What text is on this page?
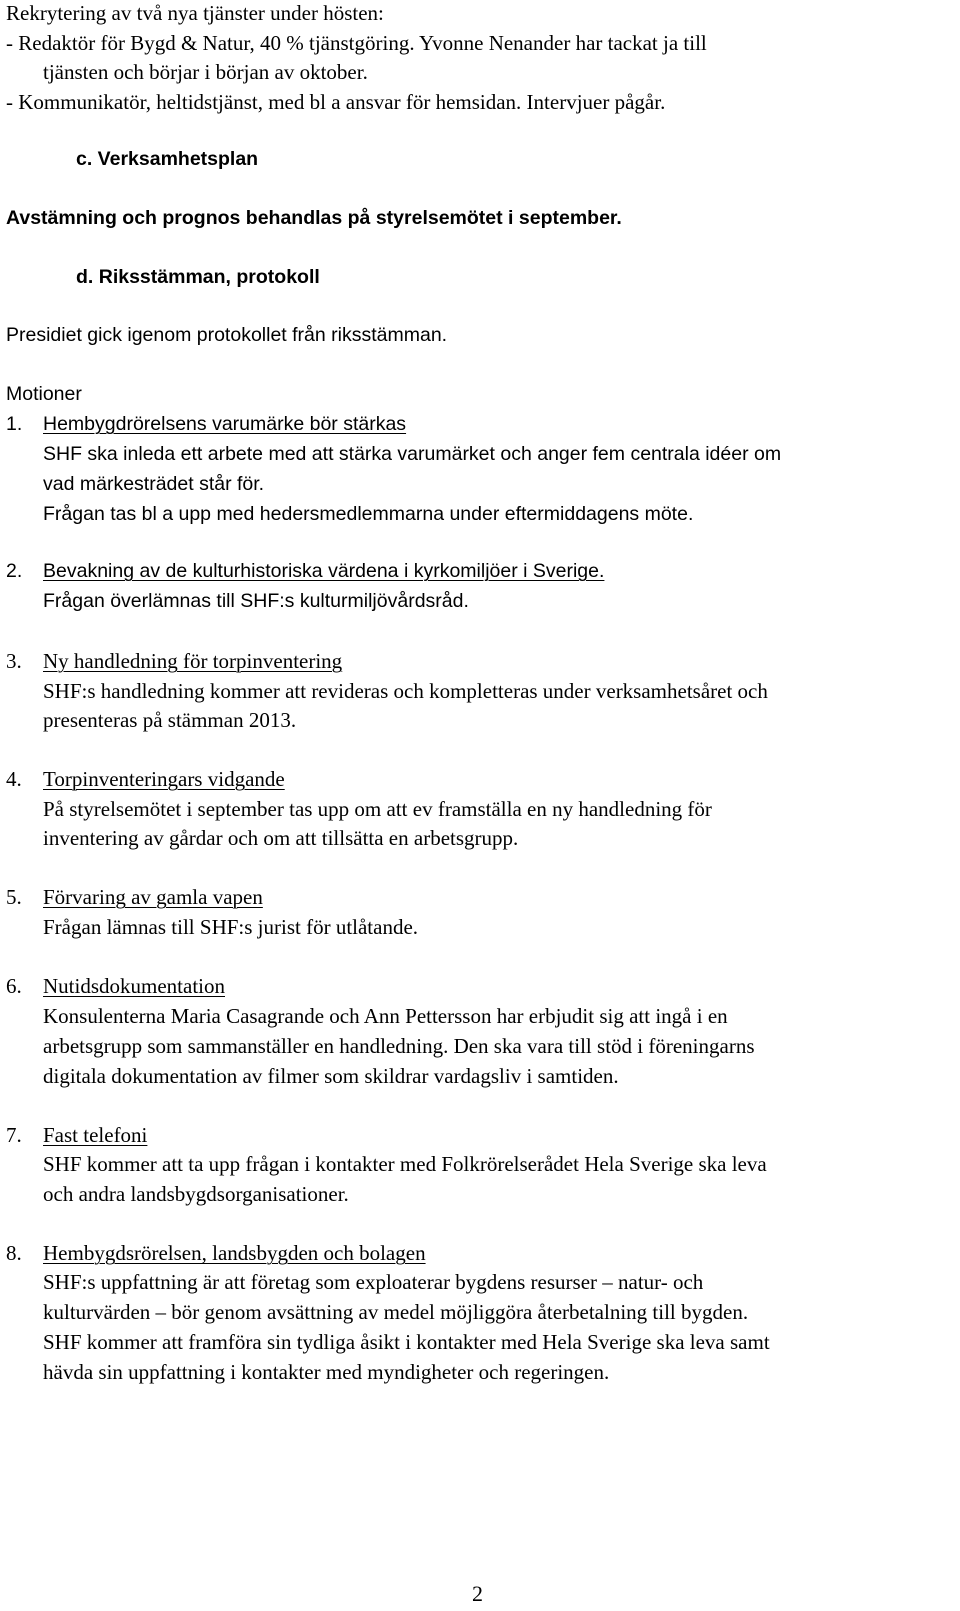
Rekrytering av två nya tjänster under hösten:
- Redaktör för Bygd & Natur, 40 % tjänstgöring. Yvonne Nenander har tackat ja till
tjänsten och börjar i början av oktober.
- Kommunikatör, heltidstjänst, med bl a ansvar för hemsidan. Intervjuer pågår.
c. Verksamhetsplan
Avstämning och prognos behandlas på styrelsemötet i september.
d. Riksstämman, protokoll
Presidiet gick igenom protokollet från riksstämman.
Motioner
1. Hembygdrörelsens varumärke bör stärkas
SHF ska inleda ett arbete med att stärka varumärket och anger fem centrala idéer om
vad märkesträdet står för.
Frågan tas bl a upp med hedersmedlemmarna under eftermiddagens möte.
2. Bevakning av de kulturhistoriska värdena i kyrkomiljöer i Sverige.
Frågan överlämnas till SHF:s kulturmiljövårdsråd.
3. Ny handledning för torpinventering
SHF:s handledning kommer att revideras och kompletteras under verksamhetsåret och
presenteras på stämman 2013.
4. Torpinventeringars vidgande
På styrelsemötet i september tas upp om att ev framställa en ny handledning för
inventering av gårdar och om att tillsätta en arbetsgrupp.
5. Förvaring av gamla vapen
Frågan lämnas till SHF:s jurist för utlåtande.
6. Nutidsdokumentation
Konsulenterna Maria Casagrande och Ann Pettersson har erbjudit sig att ingå i en
arbetsgrupp som sammanställer en handledning. Den ska vara till stöd i föreningarns
digitala dokumentation av filmer som skildrar vardagsliv i samtiden.
7. Fast telefoni
SHF kommer att ta upp frågan i kontakter med Folkrörelserådet Hela Sverige ska leva
och andra landsbygdsorganisationer.
8. Hembygdsrörelsen, landsbygden och bolagen
SHF:s uppfattning är att företag som exploaterar bygdens resurser – natur- och
kulturvärden – bör genom avsättning av medel möjliggöra återbetalning till bygden.
SHF kommer att framföra sin tydliga åsikt i kontakter med Hela Sverige ska leva samt
hävda sin uppfattning i kontakter med myndigheter och regeringen.
2
